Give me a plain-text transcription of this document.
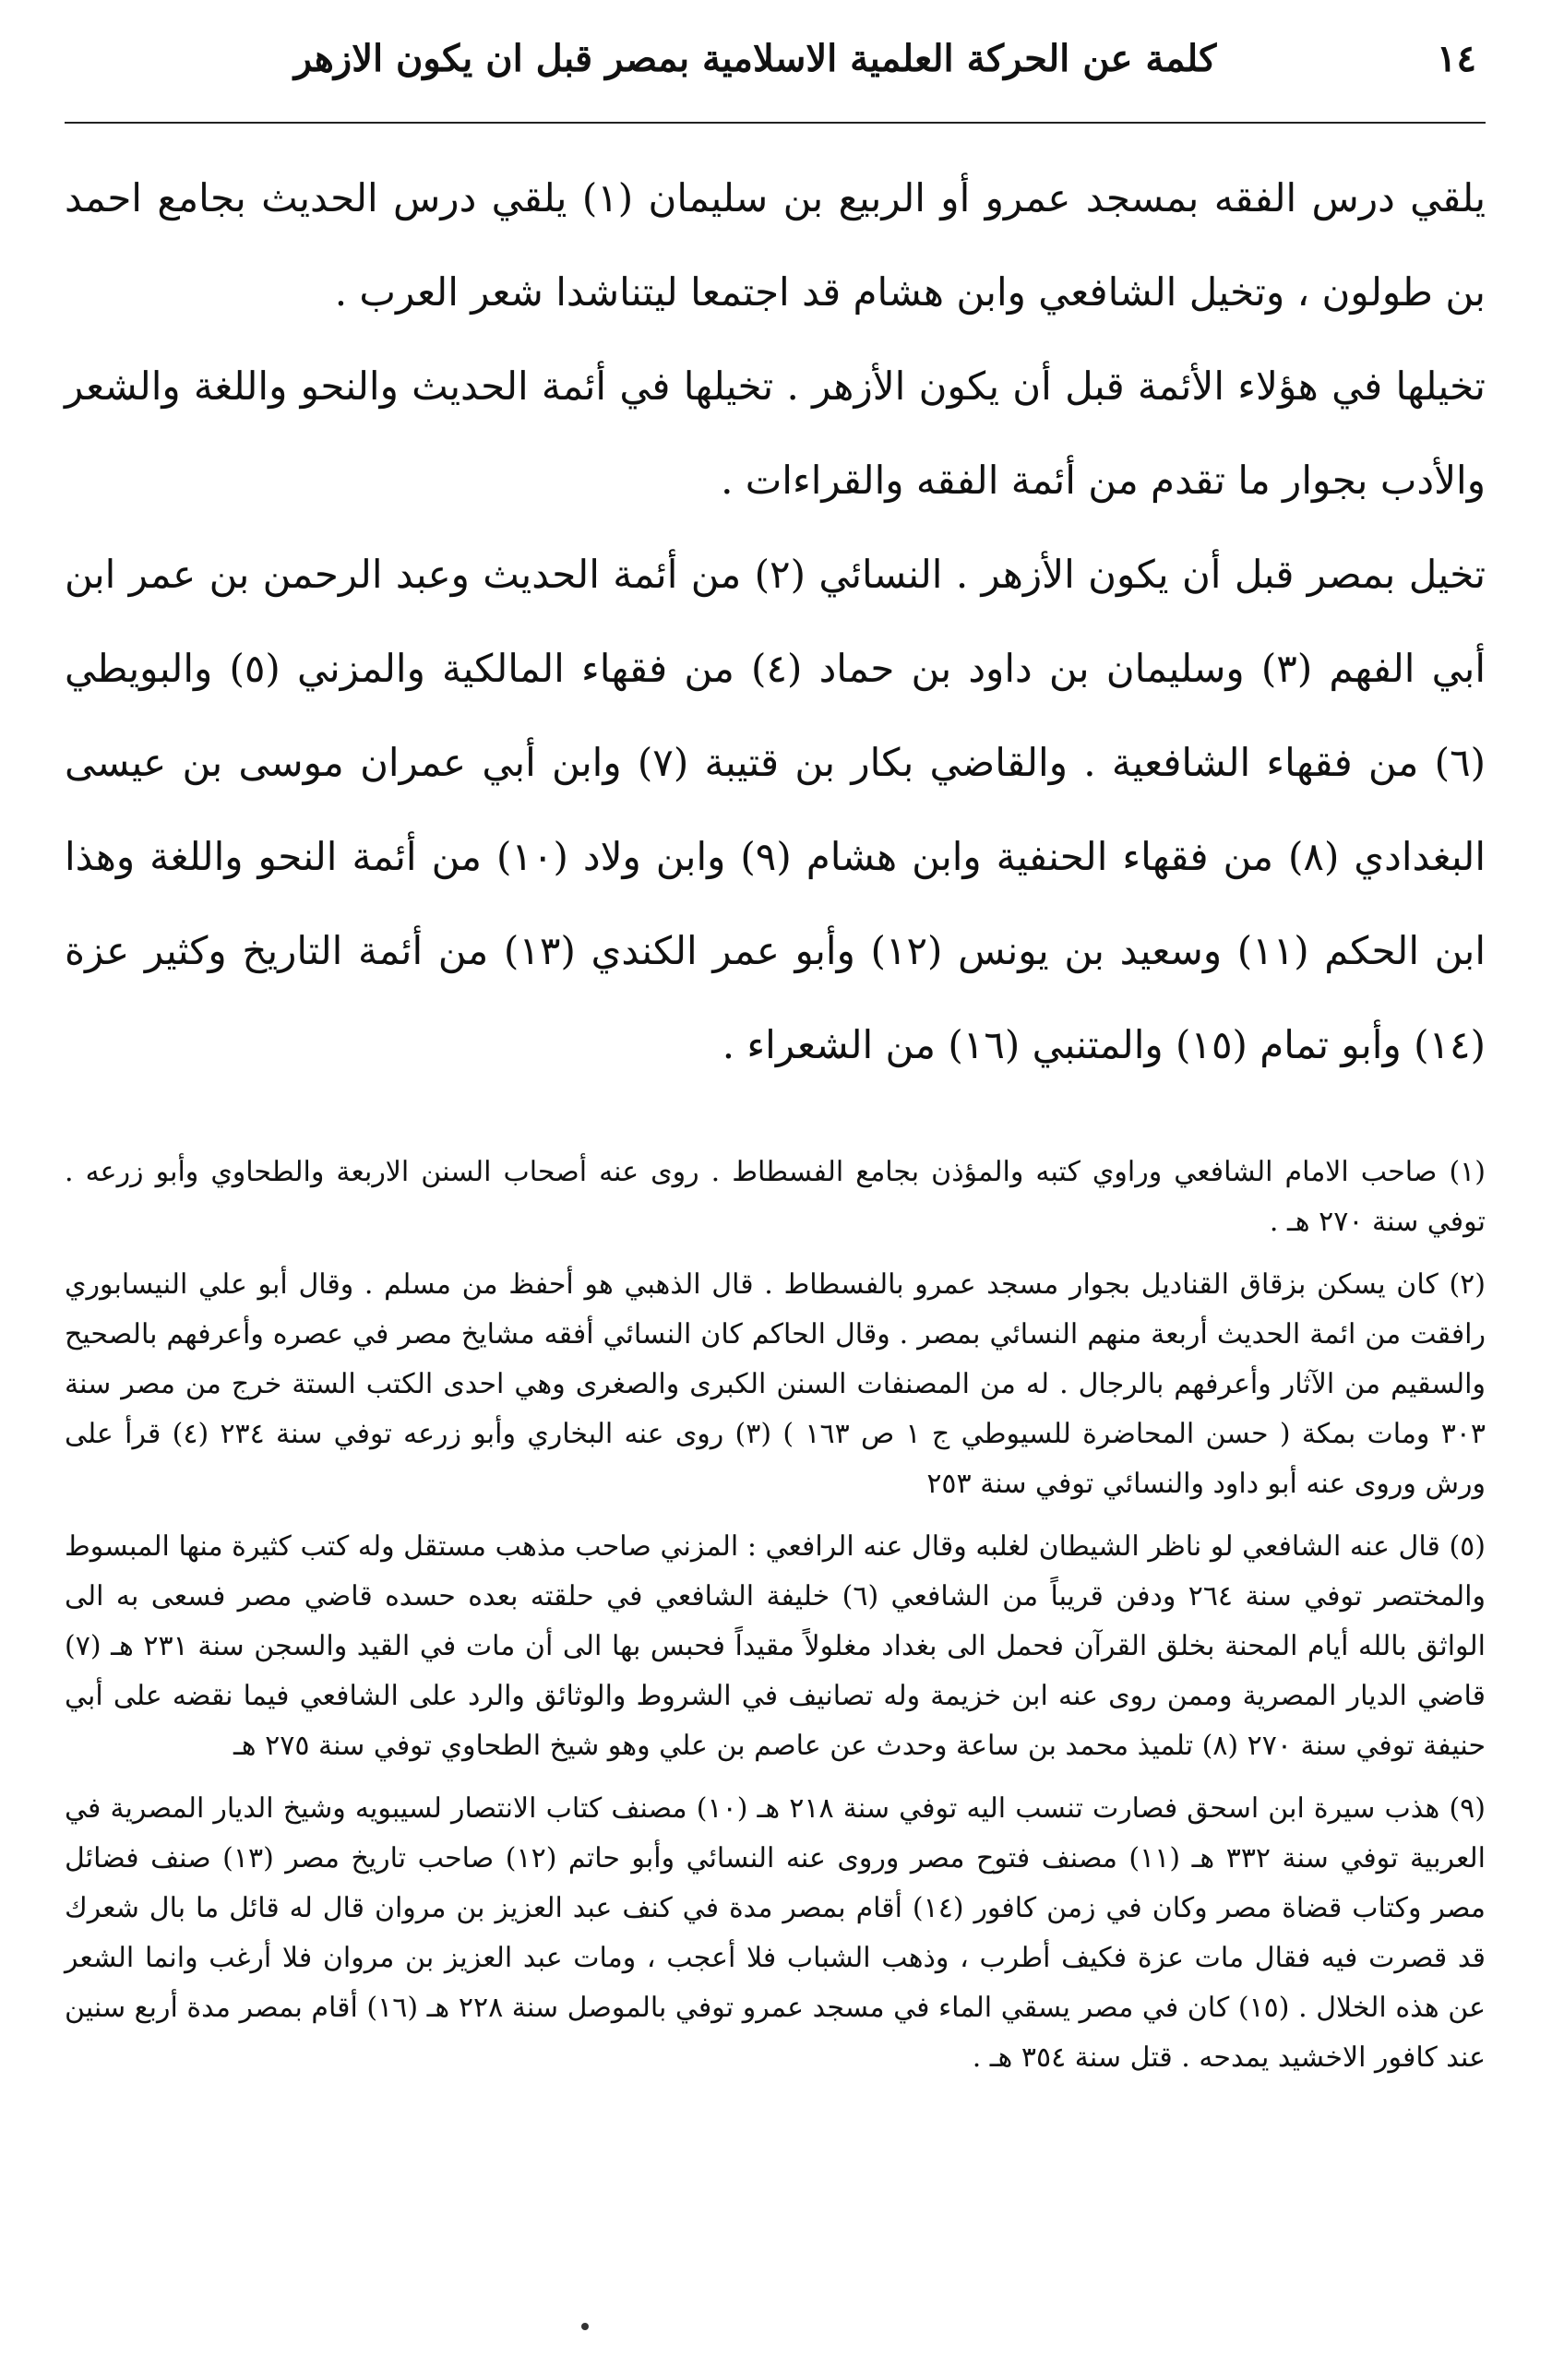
١٤
كلمة عن الحركة العلمية الاسلامية بمصر قبل ان يكون الازهر

يلقي درس الفقه بمسجد عمرو أو الربيع بن سليمان (١) يلقي درس الحديث بجامع احمد بن طولون ، وتخيل الشافعي وابن هشام قد اجتمعا ليتناشدا شعر العرب .

تخيلها في هؤلاء الأئمة قبل أن يكون الأزهر . تخيلها في أئمة الحديث والنحو واللغة والشعر والأدب بجوار ما تقدم من أئمة الفقه والقراءات .

تخيل بمصر قبل أن يكون الأزهر . النسائي (٢) من أئمة الحديث وعبد الرحمن بن عمر ابن أبي الفهم (٣) وسليمان بن داود بن حماد (٤) من فقهاء المالكية والمزني (٥) والبويطي (٦) من فقهاء الشافعية . والقاضي بكار بن قتيبة (٧) وابن أبي عمران موسى بن عيسى البغدادي (٨) من فقهاء الحنفية وابن هشام (٩) وابن ولاد (١٠) من أئمة النحو واللغة وهذا ابن الحكم (١١) وسعيد بن يونس (١٢) وأبو عمر الكندي (١٣) من أئمة التاريخ وكثير عزة (١٤) وأبو تمام (١٥) والمتنبي (١٦) من الشعراء .

(١) صاحب الامام الشافعي وراوي كتبه والمؤذن بجامع الفسطاط . روى عنه أصحاب السنن الاربعة والطحاوي وأبو زرعه . توفي سنة ٢٧٠ هـ .

(٢) كان يسكن بزقاق القناديل بجوار مسجد عمرو بالفسطاط . قال الذهبي هو أحفظ من مسلم . وقال أبو علي النيسابوري رافقت من ائمة الحديث أربعة منهم النسائي بمصر . وقال الحاكم كان النسائي أفقه مشايخ مصر في عصره وأعرفهم بالصحيح والسقيم من الآثار وأعرفهم بالرجال . له من المصنفات السنن الكبرى والصغرى وهي احدى الكتب الستة خرج من مصر سنة ٣٠٣ ومات بمكة ( حسن المحاضرة للسيوطي ج ١ ص ١٦٣ ) (٣) روى عنه البخاري وأبو زرعه توفي سنة ٢٣٤ (٤) قرأ على ورش وروى عنه أبو داود والنسائي توفي سنة ٢٥٣

(٥) قال عنه الشافعي لو ناظر الشيطان لغلبه وقال عنه الرافعي : المزني صاحب مذهب مستقل وله كتب كثيرة منها المبسوط والمختصر توفي سنة ٢٦٤ ودفن قريباً من الشافعي (٦) خليفة الشافعي في حلقته بعده حسده قاضي مصر فسعى به الى الواثق بالله أيام المحنة بخلق القرآن فحمل الى بغداد مغلولاً مقيداً فحبس بها الى أن مات في القيد والسجن سنة ٢٣١ هـ (٧) قاضي الديار المصرية وممن روى عنه ابن خزيمة وله تصانيف في الشروط والوثائق والرد على الشافعي فيما نقضه على أبي حنيفة توفي سنة ٢٧٠ (٨) تلميذ محمد بن ساعة وحدث عن عاصم بن علي وهو شيخ الطحاوي توفي سنة ٢٧٥ هـ

(٩) هذب سيرة ابن اسحق فصارت تنسب اليه توفي سنة ٢١٨ هـ (١٠) مصنف كتاب الانتصار لسيبويه وشيخ الديار المصرية في العربية توفي سنة ٣٣٢ هـ (١١) مصنف فتوح مصر وروى عنه النسائي وأبو حاتم (١٢) صاحب تاريخ مصر (١٣) صنف فضائل مصر وكتاب قضاة مصر وكان في زمن كافور (١٤) أقام بمصر مدة في كنف عبد العزيز بن مروان قال له قائل ما بال شعرك قد قصرت فيه فقال مات عزة فكيف أطرب ، وذهب الشباب فلا أعجب ، ومات عبد العزيز بن مروان فلا أرغب وانما الشعر عن هذه الخلال . (١٥) كان في مصر يسقي الماء في مسجد عمرو توفي بالموصل سنة ٢٢٨ هـ (١٦) أقام بمصر مدة أربع سنين عند كافور الاخشيد يمدحه . قتل سنة ٣٥٤ هـ .
